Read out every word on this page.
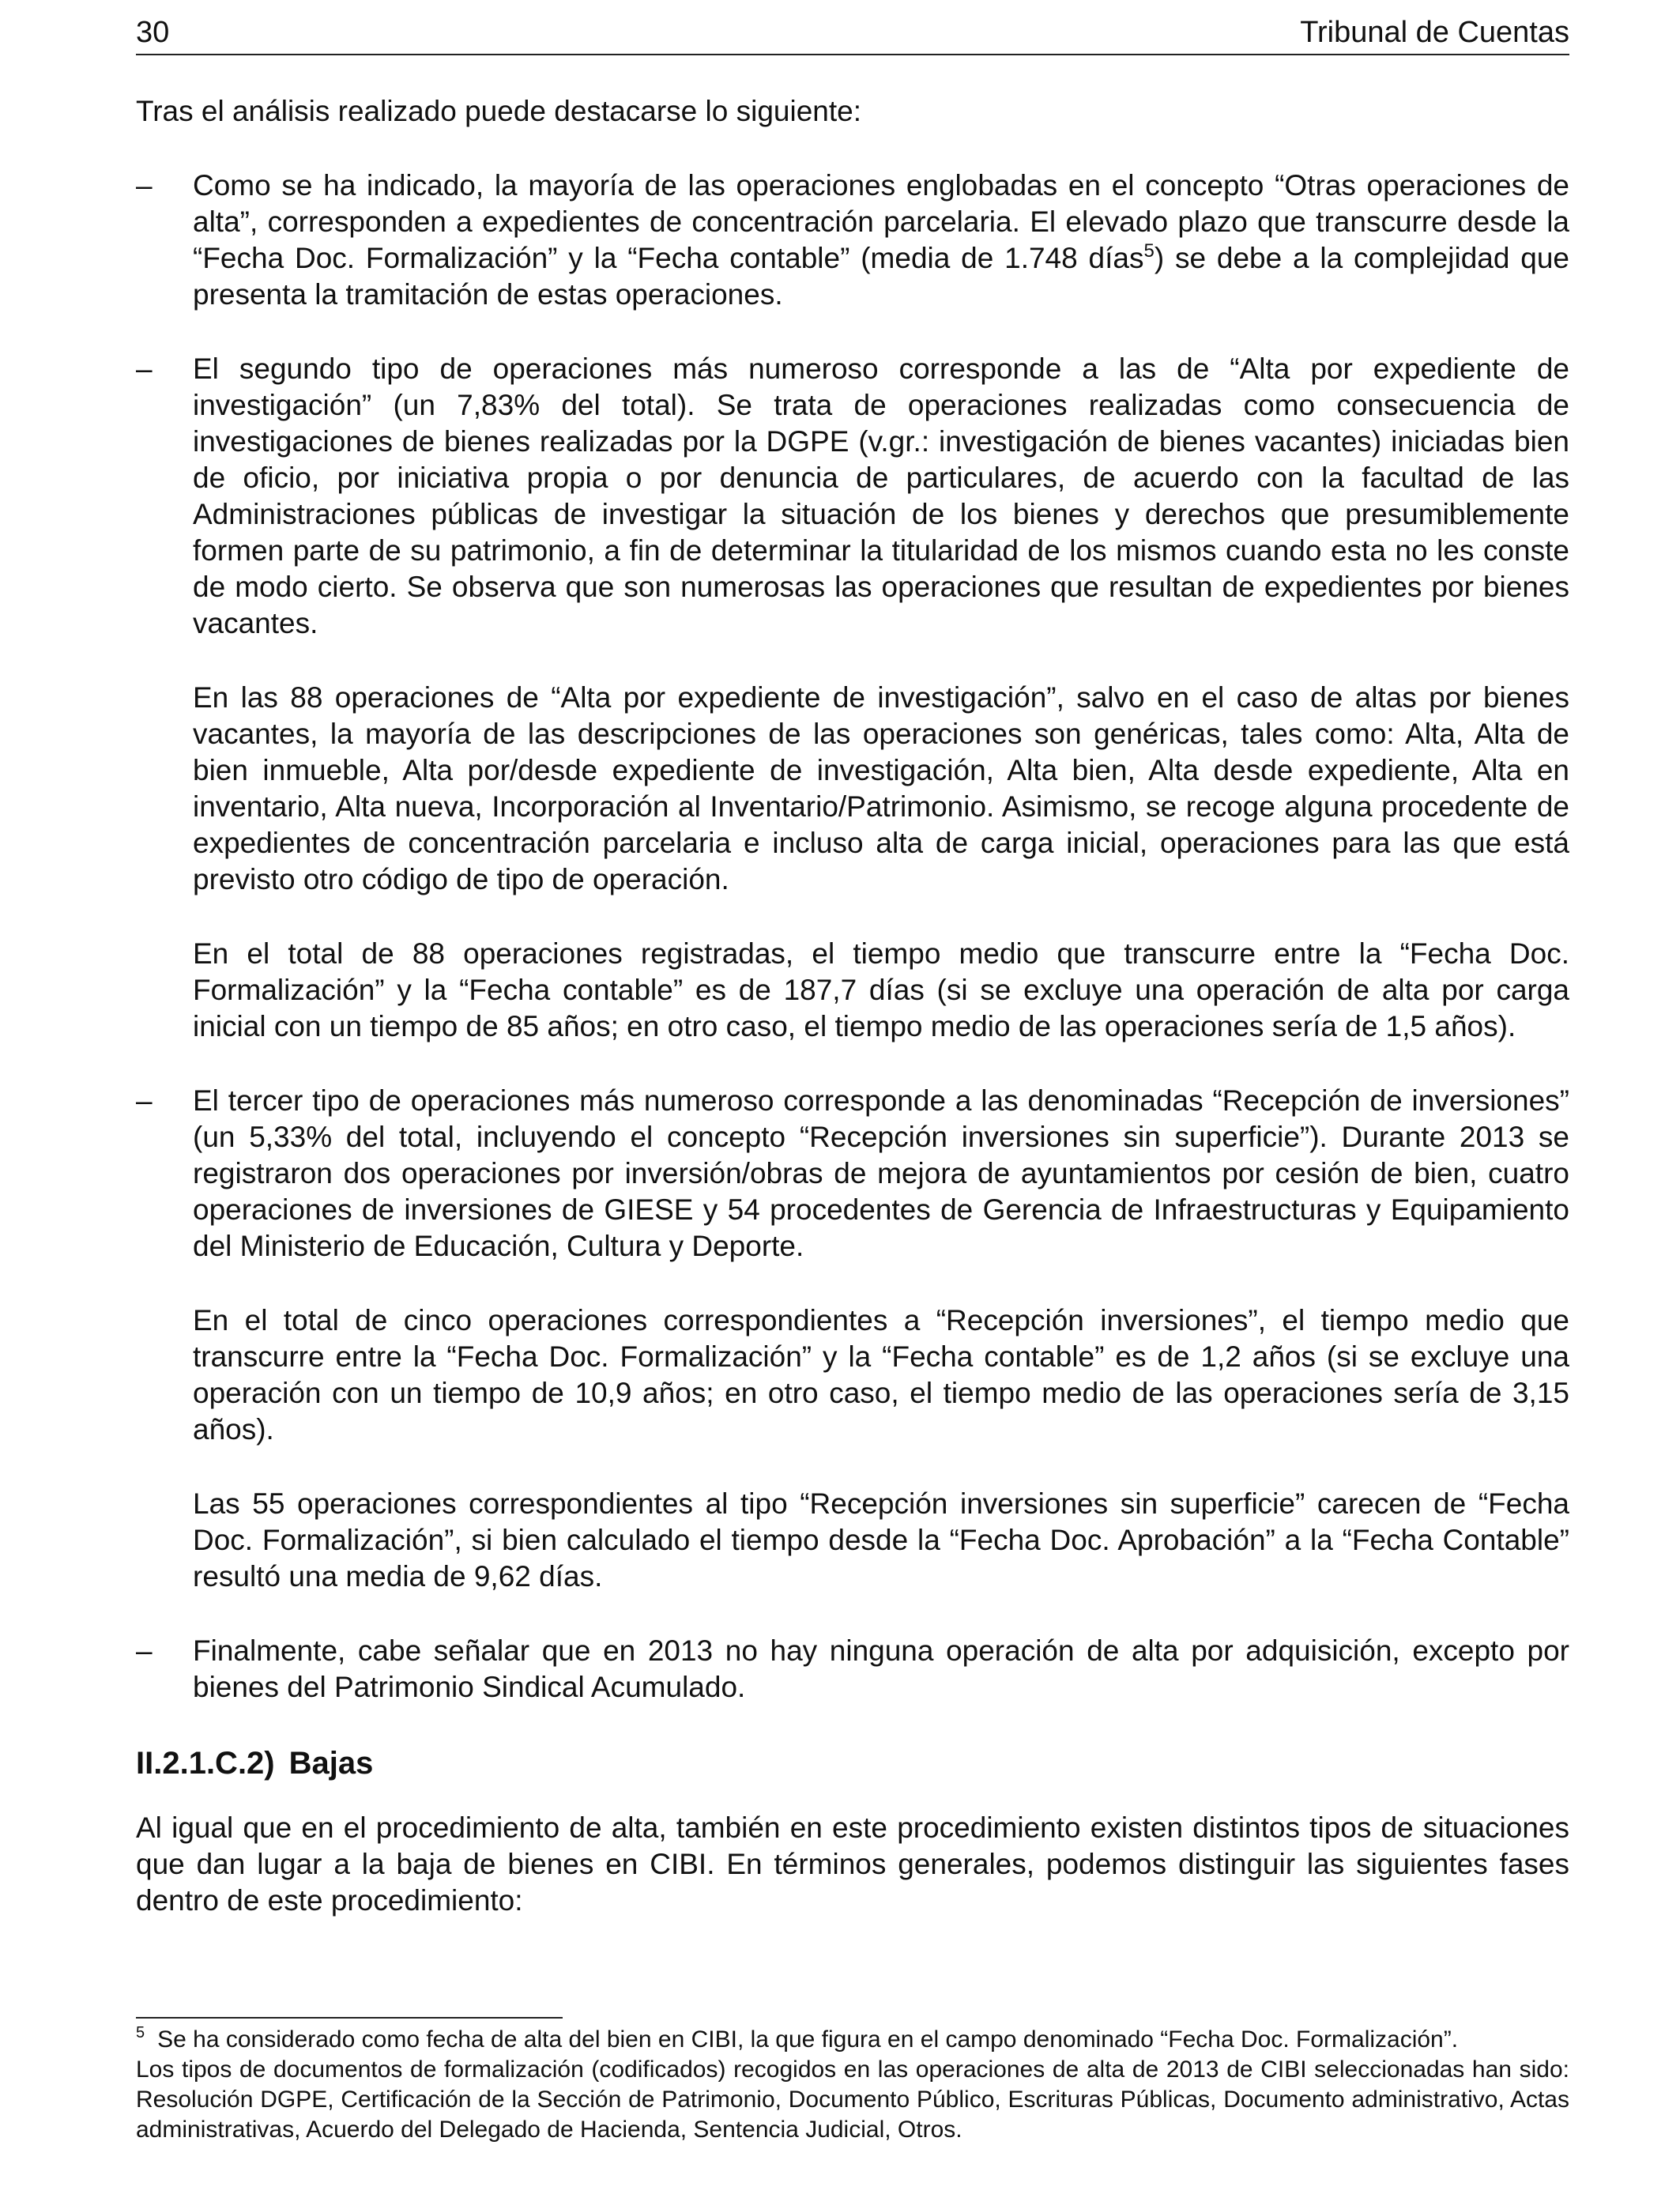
30	Tribunal de Cuentas

Tras el análisis realizado puede destacarse lo siguiente:

–	Como se ha indicado, la mayoría de las operaciones englobadas en el concepto “Otras operaciones de alta”, corresponden a expedientes de concentración parcelaria. El elevado plazo que transcurre desde la “Fecha Doc. Formalización” y la “Fecha contable” (media de 1.748 días$^5$) se debe a la complejidad que presenta la tramitación de estas operaciones.

–	El segundo tipo de operaciones más numeroso corresponde a las de “Alta por expediente de investigación” (un 7,83% del total). Se trata de operaciones realizadas como consecuencia de investigaciones de bienes realizadas por la DGPE (v.gr.: investigación de bienes vacantes) iniciadas bien de oficio, por iniciativa propia o por denuncia de particulares, de acuerdo con la facultad de las Administraciones públicas de investigar la situación de los bienes y derechos que presumiblemente formen parte de su patrimonio, a fin de determinar la titularidad de los mismos cuando esta no les conste de modo cierto. Se observa que son numerosas las operaciones que resultan de expedientes por bienes vacantes.

En las 88 operaciones de “Alta por expediente de investigación”, salvo en el caso de altas por bienes vacantes, la mayoría de las descripciones de las operaciones son genéricas, tales como: Alta, Alta de bien inmueble, Alta por/desde expediente de investigación, Alta bien, Alta desde expediente, Alta en inventario, Alta nueva, Incorporación al Inventario/Patrimonio. Asimismo, se recoge alguna procedente de expedientes de concentración parcelaria e incluso alta de carga inicial, operaciones para las que está previsto otro código de tipo de operación.

En el total de 88 operaciones registradas, el tiempo medio que transcurre entre la “Fecha Doc. Formalización” y la “Fecha contable” es de 187,7 días (si se excluye una operación de alta por carga inicial con un tiempo de 85 años; en otro caso, el tiempo medio de las operaciones sería de 1,5 años).

–	El tercer tipo de operaciones más numeroso corresponde a las denominadas “Recepción de inversiones” (un 5,33% del total, incluyendo el concepto “Recepción inversiones sin superficie”). Durante 2013 se registraron dos operaciones por inversión/obras de mejora de ayuntamientos por cesión de bien, cuatro operaciones de inversiones de GIESE y 54 procedentes de Gerencia de Infraestructuras y Equipamiento del Ministerio de Educación, Cultura y Deporte.

En el total de cinco operaciones correspondientes a “Recepción inversiones”, el tiempo medio que transcurre entre la “Fecha Doc. Formalización” y la “Fecha contable” es de 1,2 años (si se excluye una operación con un tiempo de 10,9 años; en otro caso, el tiempo medio de las operaciones sería de 3,15 años).

Las 55 operaciones correspondientes al tipo “Recepción inversiones sin superficie” carecen de “Fecha Doc. Formalización”, si bien calculado el tiempo desde la “Fecha Doc. Aprobación” a la “Fecha Contable” resultó una media de 9,62 días.

–	Finalmente, cabe señalar que en 2013 no hay ninguna operación de alta por adquisición, excepto por bienes del Patrimonio Sindical Acumulado.

II.2.1.C.2) Bajas

Al igual que en el procedimiento de alta, también en este procedimiento existen distintos tipos de situaciones que dan lugar a la baja de bienes en CIBI. En términos generales, podemos distinguir las siguientes fases dentro de este procedimiento:

$^5$ Se ha considerado como fecha de alta del bien en CIBI, la que figura en el campo denominado “Fecha Doc. Formalización”.

Los tipos de documentos de formalización (codificados) recogidos en las operaciones de alta de 2013 de CIBI seleccionadas han sido: Resolución DGPE, Certificación de la Sección de Patrimonio, Documento Público, Escrituras Públicas, Documento administrativo, Actas administrativas, Acuerdo del Delegado de Hacienda, Sentencia Judicial, Otros.
